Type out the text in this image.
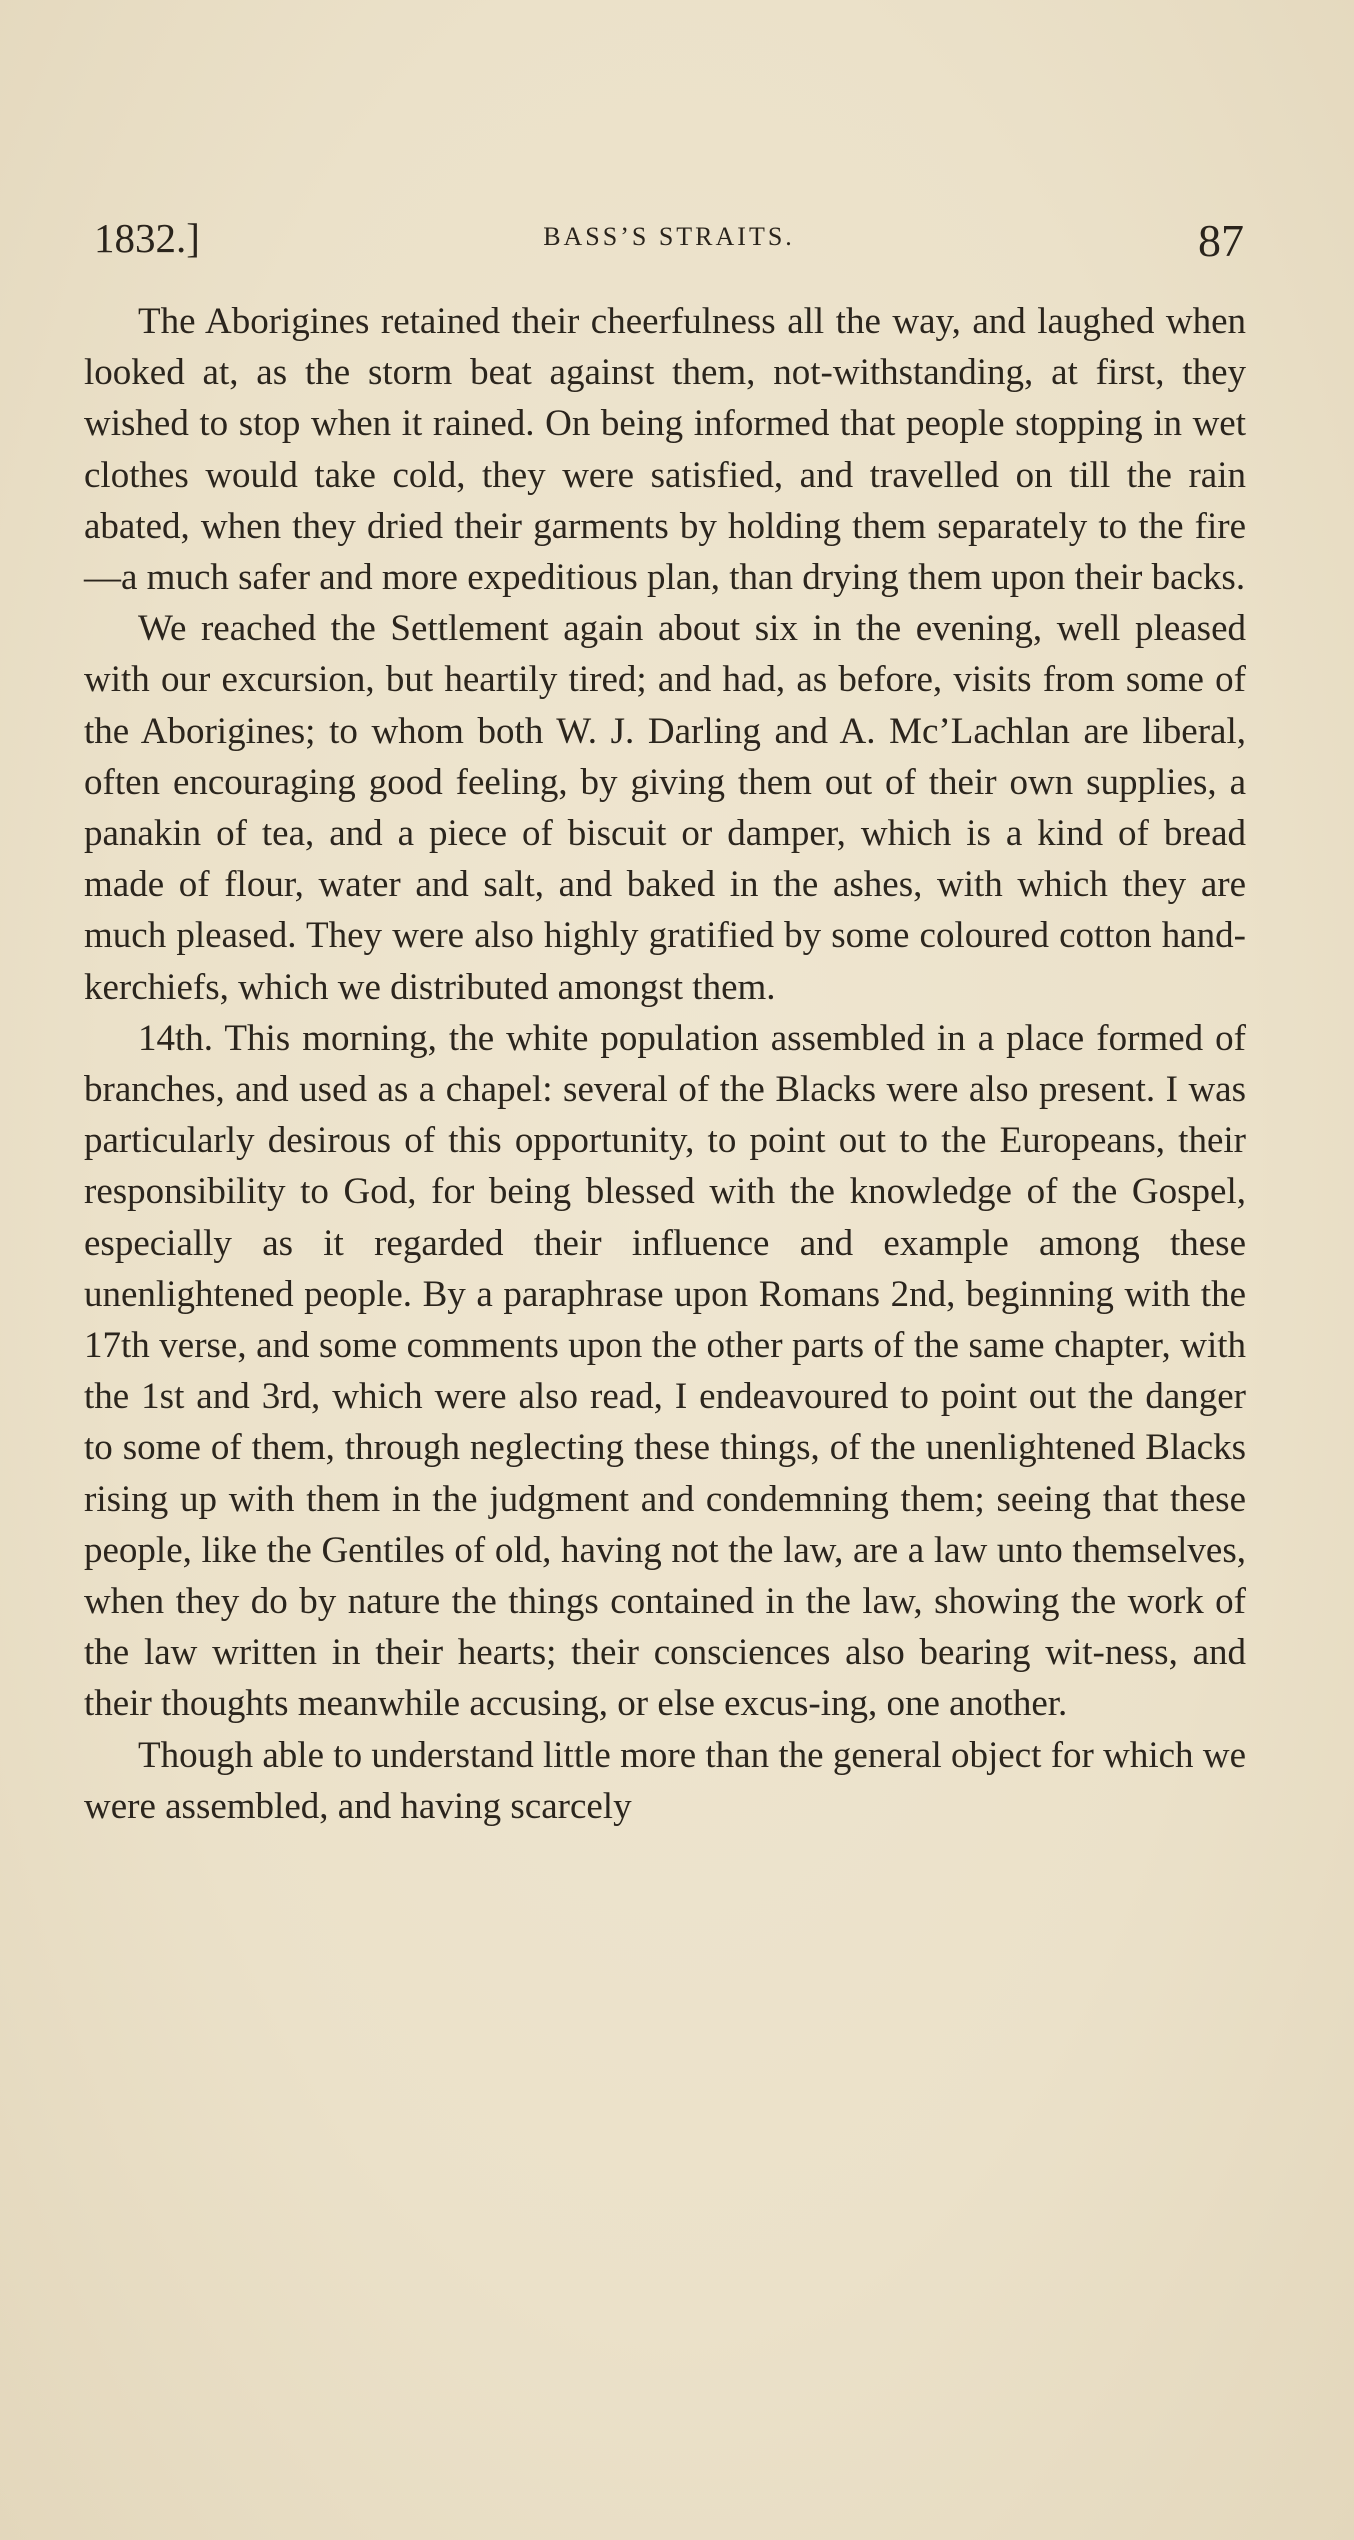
1832.]	BASS’S STRAITS.	87

The Aborigines retained their cheerfulness all the way, and laughed when looked at, as the storm beat against them, not-withstanding, at first, they wished to stop when it rained. On being informed that people stopping in wet clothes would take cold, they were satisfied, and travelled on till the rain abated, when they dried their garments by holding them separately to the fire—a much safer and more expeditious plan, than drying them upon their backs.

We reached the Settlement again about six in the evening, well pleased with our excursion, but heartily tired; and had, as before, visits from some of the Aborigines; to whom both W. J. Darling and A. Mc’Lachlan are liberal, often encouraging good feeling, by giving them out of their own supplies, a panakin of tea, and a piece of biscuit or damper, which is a kind of bread made of flour, water and salt, and baked in the ashes, with which they are much pleased. They were also highly gratified by some coloured cotton hand-kerchiefs, which we distributed amongst them.

14th. This morning, the white population assembled in a place formed of branches, and used as a chapel: several of the Blacks were also present. I was particularly desirous of this opportunity, to point out to the Europeans, their responsibility to God, for being blessed with the knowledge of the Gospel, especially as it regarded their influence and example among these unenlightened people. By a paraphrase upon Romans 2nd, beginning with the 17th verse, and some comments upon the other parts of the same chapter, with the 1st and 3rd, which were also read, I endeavoured to point out the danger to some of them, through neglecting these things, of the unenlightened Blacks rising up with them in the judgment and condemning them; seeing that these people, like the Gentiles of old, having not the law, are a law unto themselves, when they do by nature the things contained in the law, showing the work of the law written in their hearts; their consciences also bearing wit-ness, and their thoughts meanwhile accusing, or else excus-ing, one another.

Though able to understand little more than the general object for which we were assembled, and having scarcely
